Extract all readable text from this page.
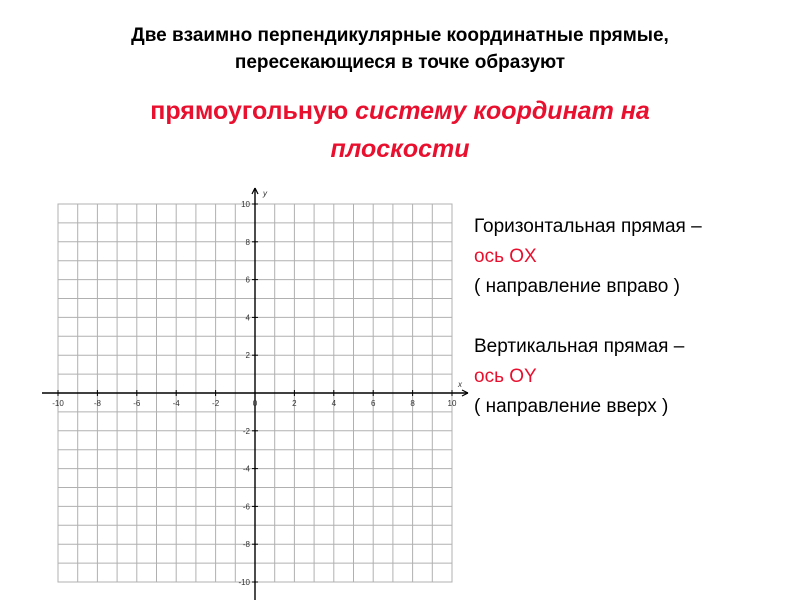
Две взаимно перпендикулярные координатные прямые,
пересекающиеся в точке образуют
прямоугольную систему координат на
плоскости
x
y
-10	-8	-6	-4	-2	0	2	4	6	8	10
10
8
6
4
2
-2
-4
-6
-8
-10
Горизонтальная прямая –
ось OX
( направление вправо )
Вертикальная прямая –
ось OY
( направление вверх )
